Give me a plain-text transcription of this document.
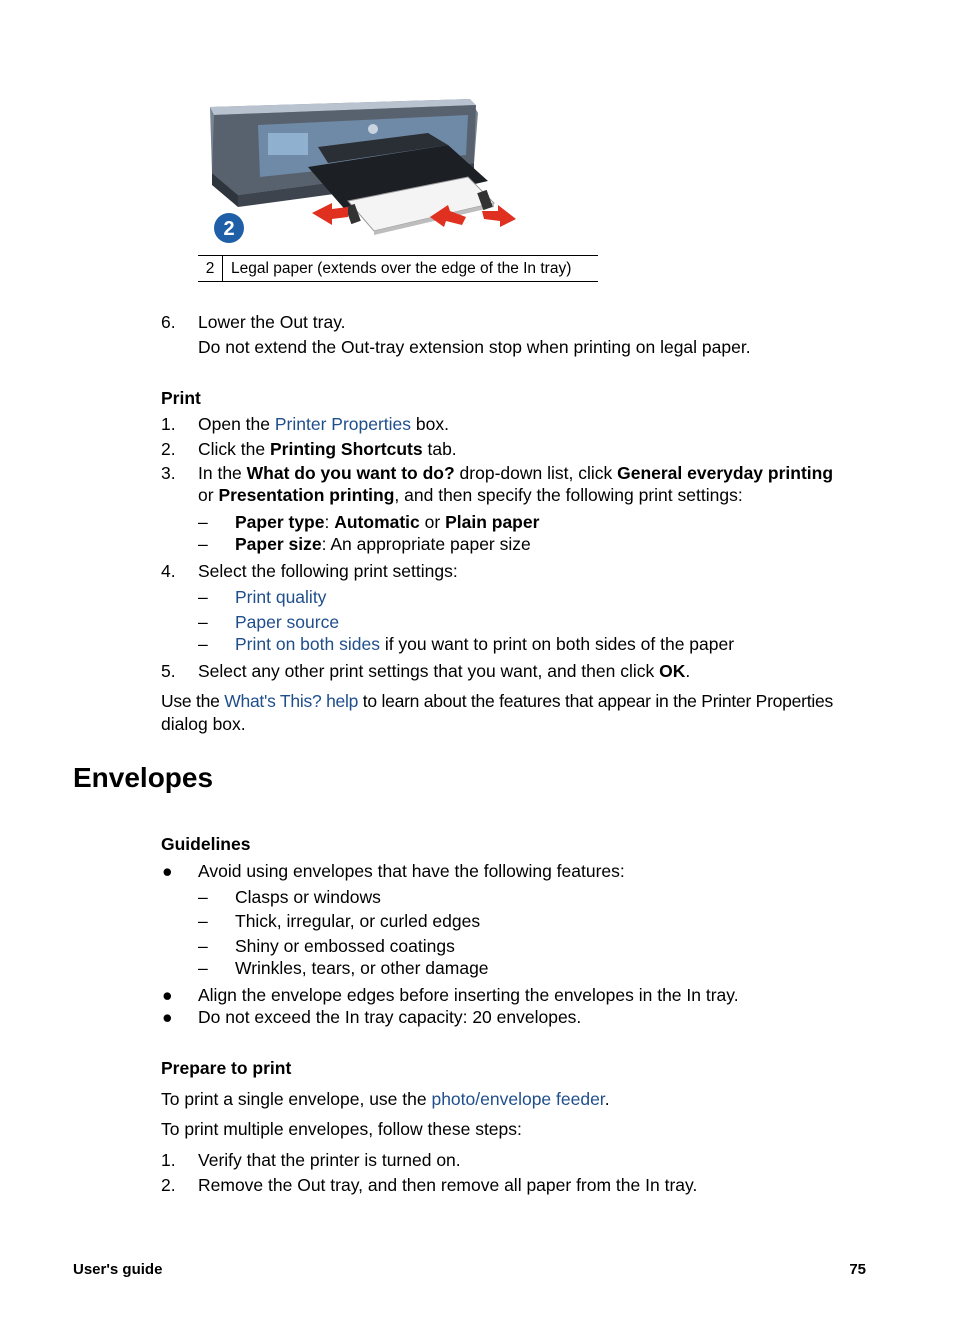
2
2	Legal paper (extends over the edge of the In tray)
6. Lower the Out tray.
Do not extend the Out-tray extension stop when printing on legal paper.
Print
1. Open the Printer Properties box.
2. Click the Printing Shortcuts tab.
3. In the What do you want to do? drop-down list, click General everyday printing
or Presentation printing, and then specify the following print settings:
– Paper type: Automatic or Plain paper
– Paper size: An appropriate paper size
4. Select the following print settings:
– Print quality
– Paper source
– Print on both sides if you want to print on both sides of the paper
5. Select any other print settings that you want, and then click OK.
Use the What's This? help to learn about the features that appear in the Printer Properties
dialog box.
Envelopes
Guidelines
● Avoid using envelopes that have the following features:
– Clasps or windows
– Thick, irregular, or curled edges
– Shiny or embossed coatings
– Wrinkles, tears, or other damage
● Align the envelope edges before inserting the envelopes in the In tray.
● Do not exceed the In tray capacity: 20 envelopes.
Prepare to print
To print a single envelope, use the photo/envelope feeder.
To print multiple envelopes, follow these steps:
1. Verify that the printer is turned on.
2. Remove the Out tray, and then remove all paper from the In tray.
User's guide	75
